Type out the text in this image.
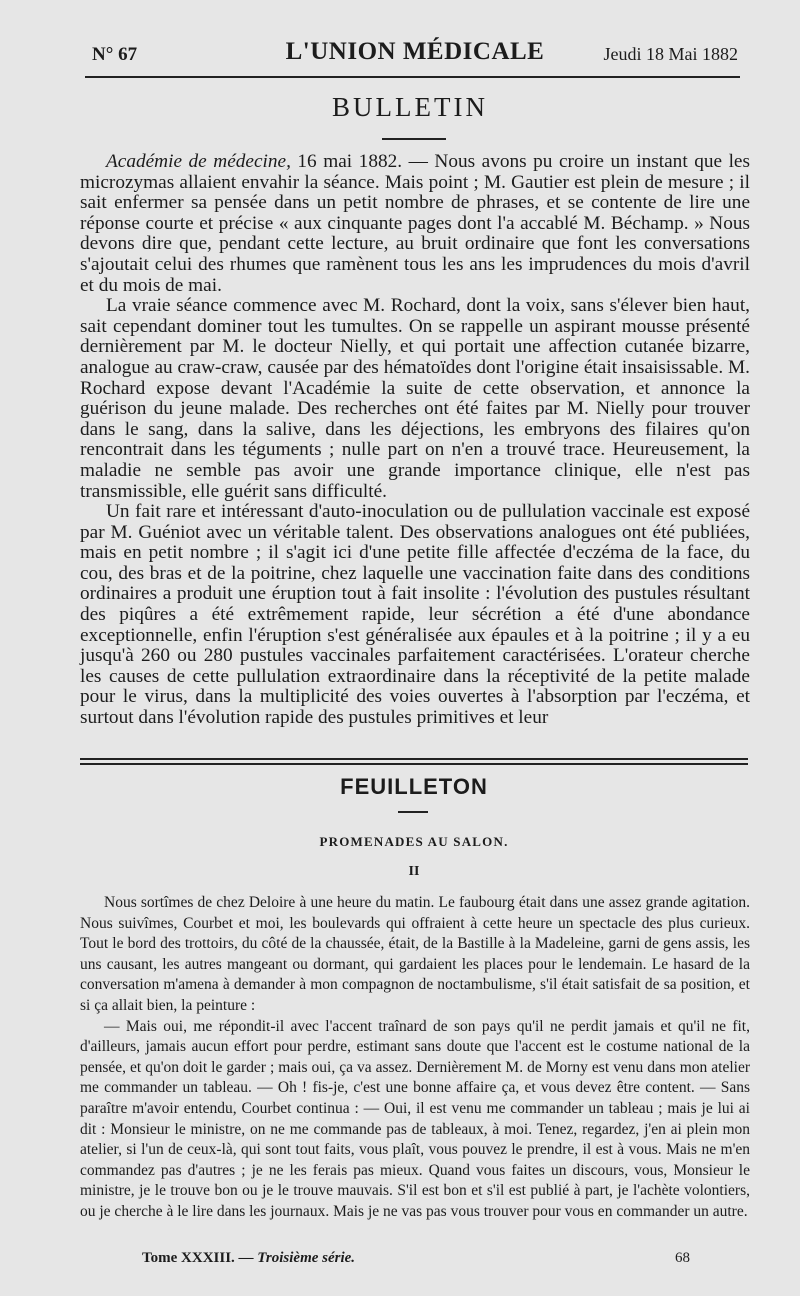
N° 67	L'UNION MÉDICALE	Jeudi 18 Mai 1882
BULLETIN

Académie de médecine, 16 mai 1882. — Nous avons pu croire un instant que les microzymas allaient envahir la séance. Mais point ; M. Gautier est plein de mesure ; il sait enfermer sa pensée dans un petit nombre de phrases, et se contente de lire une réponse courte et précise « aux cinquante pages dont l'a accablé M. Béchamp. » Nous devons dire que, pendant cette lecture, au bruit ordinaire que font les conversations s'ajoutait celui des rhumes que ramènent tous les ans les imprudences du mois d'avril et du mois de mai.

La vraie séance commence avec M. Rochard, dont la voix, sans s'élever bien haut, sait cependant dominer tout les tumultes. On se rappelle un aspirant mousse présenté dernièrement par M. le docteur Nielly, et qui portait une affection cutanée bizarre, analogue au craw-craw, causée par des hématoïdes dont l'origine était insaisissable. M. Rochard expose devant l'Académie la suite de cette observation, et annonce la guérison du jeune malade. Des recherches ont été faites par M. Nielly pour trouver dans le sang, dans la salive, dans les déjections, les embryons des filaires qu'on rencontrait dans les téguments ; nulle part on n'en a trouvé trace. Heureusement, la maladie ne semble pas avoir une grande importance clinique, elle n'est pas transmissible, elle guérit sans difficulté.

Un fait rare et intéressant d'auto-inoculation ou de pullulation vaccinale est exposé par M. Guéniot avec un véritable talent. Des observations analogues ont été publiées, mais en petit nombre ; il s'agit ici d'une petite fille affectée d'eczéma de la face, du cou, des bras et de la poitrine, chez laquelle une vaccination faite dans des conditions ordinaires a produit une éruption tout à fait insolite : l'évolution des pustules résultant des piqûres a été extrêmement rapide, leur sécrétion a été d'une abondance exceptionnelle, enfin l'éruption s'est généralisée aux épaules et à la poitrine ; il y a eu jusqu'à 260 ou 280 pustules vaccinales parfaitement caractérisées. L'orateur cherche les causes de cette pullulation extraordinaire dans la réceptivité de la petite malade pour le virus, dans la multiplicité des voies ouvertes à l'absorption par l'eczéma, et surtout dans l'évolution rapide des pustules primitives et leur

FEUILLETON
PROMENADES AU SALON.
II

Nous sortîmes de chez Deloire à une heure du matin. Le faubourg était dans une assez grande agitation. Nous suivîmes, Courbet et moi, les boulevards qui offraient à cette heure un spectacle des plus curieux. Tout le bord des trottoirs, du côté de la chaussée, était, de la Bastille à la Madeleine, garni de gens assis, les uns causant, les autres mangeant ou dormant, qui gardaient les places pour le lendemain. Le hasard de la conversation m'amena à demander à mon compagnon de noctambulisme, s'il était satisfait de sa position, et si ça allait bien, la peinture :

— Mais oui, me répondit-il avec l'accent traînard de son pays qu'il ne perdit jamais et qu'il ne fit, d'ailleurs, jamais aucun effort pour perdre, estimant sans doute que l'accent est le costume national de la pensée, et qu'on doit le garder ; mais oui, ça va assez. Dernièrement M. de Morny est venu dans mon atelier me commander un tableau. — Oh ! fis-je, c'est une bonne affaire ça, et vous devez être content. — Sans paraître m'avoir entendu, Courbet continua : — Oui, il est venu me commander un tableau ; mais je lui ai dit : Monsieur le ministre, on ne me commande pas de tableaux, à moi. Tenez, regardez, j'en ai plein mon atelier, si l'un de ceux-là, qui sont tout faits, vous plaît, vous pouvez le prendre, il est à vous. Mais ne m'en commandez pas d'autres ; je ne les ferais pas mieux. Quand vous faites un discours, vous, Monsieur le ministre, je le trouve bon ou je le trouve mauvais. S'il est bon et s'il est publié à part, je l'achète volontiers, ou je cherche à le lire dans les journaux. Mais je ne vas pas vous trouver pour vous en commander un autre.

Tome XXXIII. — Troisième série.	68
